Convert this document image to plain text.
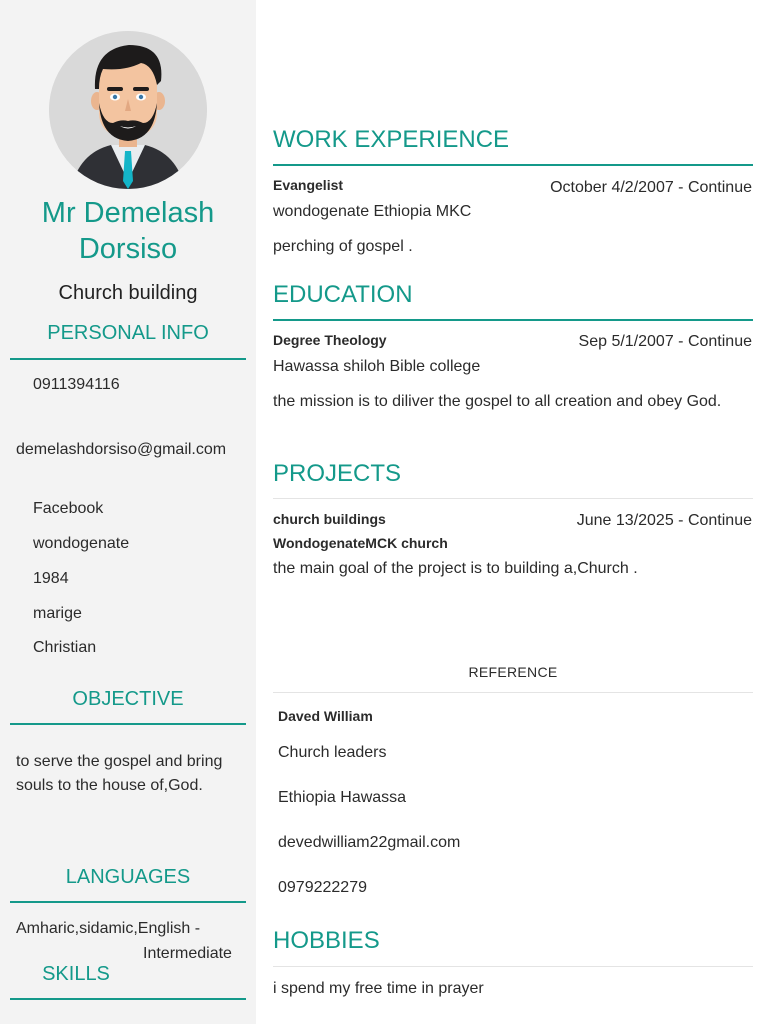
Mr Demelash Dorsiso
Church building
PERSONAL INFO
0911394116
demelashdorsiso@gmail.com
Facebook
wondogenate
1984
marige
Christian
OBJECTIVE
to serve the gospel and bring souls to the house of,God.
LANGUAGES
Amharic,sidamic,English -
Intermediate
SKILLS
WORK EXPERIENCE
Evangelist	October 4/2/2007 - Continue
wondogenate Ethiopia MKC
perching of gospel .
EDUCATION
Degree Theology	Sep 5/1/2007 - Continue
Hawassa shiloh Bible college
the mission is to diliver the gospel to all creation and obey God.
PROJECTS
church buildings	June 13/2025 - Continue
WondogenateMCK church
the main goal of the project is to building a,Church .
REFERENCE
Daved William
Church leaders
Ethiopia Hawassa
devedwilliam22gmail.com
0979222279
HOBBIES
i spend my free time in prayer
